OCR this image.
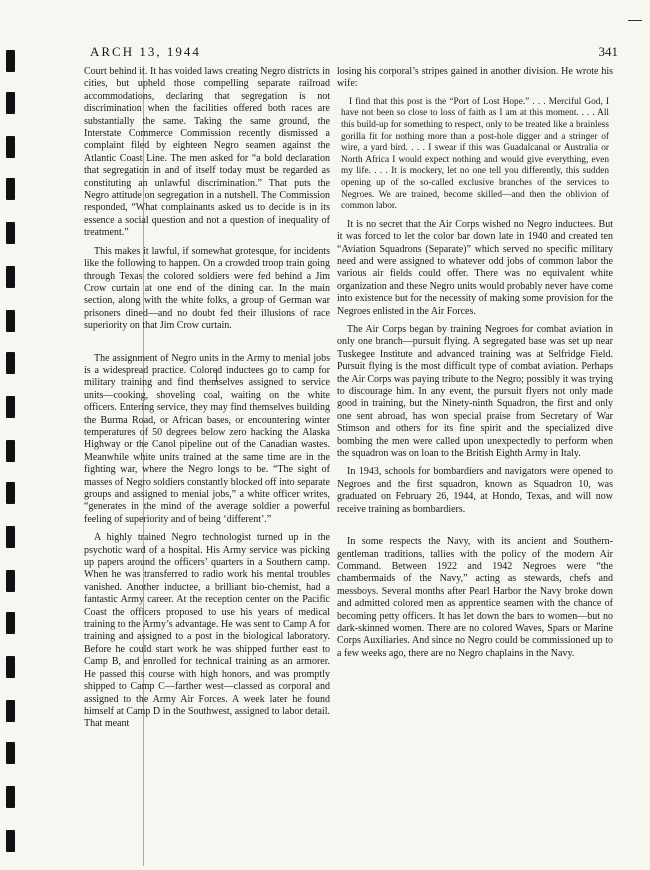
ARCH 13, 1944	341

Court behind it. It has voided laws creating Negro districts in cities, but upheld those compelling separate railroad accommodations, declaring that segregation is not discrimination when the facilities offered both races are substantially the same. Taking the same ground, the Interstate Commerce Commission recently dismissed a complaint filed by eighteen Negro seamen against the Atlantic Coast Line. The men asked for “a bold declaration that segregation in and of itself today must be regarded as constituting an unlawful discrimination.” That puts the Negro attitude on segregation in a nutshell. The Commission responded, “What complainants asked us to decide is in its essence a social question and not a question of inequality of treatment.”

This makes it lawful, if somewhat grotesque, for incidents like the following to happen. On a crowded troop train going through Texas the colored soldiers were fed behind a Jim Crow curtain at one end of the dining car. In the main section, along with the white folks, a group of German war prisoners dined—and no doubt fed their illusions of race superiority on that Jim Crow curtain.

The assignment of Negro units in the Army to menial jobs is a widespread practice. Colored inductees go to camp for military training and find themselves assigned to service units—cooking, shoveling coal, waiting on the white officers. Entering service, they may find themselves building the Burma Road, or African bases, or encountering winter temperatures of 50 degrees below zero hacking the Alaska Highway or the Canol pipeline out of the Canadian wastes. Meanwhile white units trained at the same time are in the fighting war, where the Negro longs to be. “The sight of masses of Negro soldiers constantly blocked off into separate groups and assigned to menial jobs,” a white officer writes, “generates in the mind of the average soldier a powerful feeling of superiority and of being ‘different’.”

A highly trained Negro technologist turned up in the psychotic ward of a hospital. His Army service was picking up papers around the officers’ quarters in a Southern camp. When he was transferred to radio work his mental troubles vanished. Another inductee, a brilliant bio-chemist, had a fantastic Army career. At the reception center on the Pacific Coast the officers proposed to use his years of medical training to the Army’s advantage. He was sent to Camp A for training and assigned to a post in the biological laboratory. Before he could start work he was shipped further east to Camp B, and enrolled for technical training as an armorer. He passed this course with high honors, and was promptly shipped to Camp C—farther west—classed as corporal and assigned to the Army Air Forces. A week later he found himself at Camp D in the Southwest, assigned to labor detail. That meant

losing his corporal’s stripes gained in another division. He wrote his wife:

I find that this post is the “Port of Lost Hope.” . . . Merciful God, I have not been so close to loss of faith as I am at this moment. . . . All this build-up for something to respect, only to be treated like a brainless gorilla fit for nothing more than a post-hole digger and a stringer of wire, a yard bird. . . . I swear if this was Guadalcanal or Australia or North Africa I would expect nothing and would give everything, even my life. . . . It is mockery, let no one tell you differently, this sudden opening up of the so-called exclusive branches of the services to Negroes. We are trained, become skilled—and then the oblivion of common labor.

It is no secret that the Air Corps wished no Negro inductees. But it was forced to let the color bar down late in 1940 and created ten “Aviation Squadrons (Separate)” which served no specific military need and were assigned to whatever odd jobs of common labor the various air fields could offer. There was no equivalent white organization and these Negro units would probably never have come into existence but for the necessity of making some provision for the Negroes enlisted in the Air Forces.

The Air Corps began by training Negroes for combat aviation in only one branch—pursuit flying. A segregated base was set up near Tuskegee Institute and advanced training was at Selfridge Field. Pursuit flying is the most difficult type of combat aviation. Perhaps the Air Corps was paying tribute to the Negro; possibly it was trying to discourage him. In any event, the pursuit flyers not only made good in training, but the Ninety-ninth Squadron, the first and only one sent abroad, has won special praise from Secretary of War Stimson and others for its fine spirit and the specialized dive bombing the men were called upon unexpectedly to perform when the squadron was on loan to the British Eighth Army in Italy.

In 1943, schools for bombardiers and navigators were opened to Negroes and the first squadron, known as Squadron 10, was graduated on February 26, 1944, at Hondo, Texas, and will now receive training as bombardiers.

In some respects the Navy, with its ancient and Southern-gentleman traditions, tallies with the policy of the modern Air Command. Between 1922 and 1942 Negroes were “the chambermaids of the Navy,” acting as stewards, chefs and messboys. Several months after Pearl Harbor the Navy broke down and admitted colored men as apprentice seamen with the chance of becoming petty officers. It has let down the bars to women—but no dark-skinned women. There are no colored Waves, Spars or Marine Corps Auxiliaries. And since no Negro could be commissioned up to a few weeks ago, there are no Negro chaplains in the Navy.
